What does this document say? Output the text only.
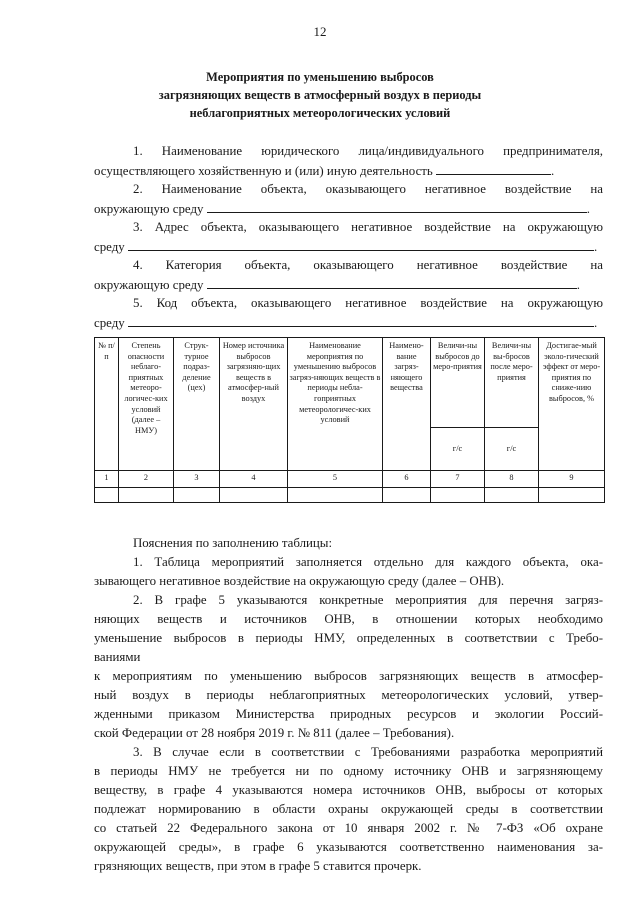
12
Мероприятия по уменьшению выбросов
загрязняющих веществ в атмосферный воздух в периоды
неблагоприятных метеорологических условий
1. Наименование юридического лица/индивидуального предпринимателя,
осуществляющего хозяйственную и (или) иную деятельность	.
2. Наименование объекта, оказывающего негативное воздействие на
окружающую среду	.
3. Адрес объекта, оказывающего негативное воздействие на окружающую
среду	.
4. Категория объекта, оказывающего негативное воздействие на
окружающую среду	.
5. Код объекта, оказывающего негативное воздействие на окружающую
среду	.
№ п/п	Степень опасности неблаго-приятных метеоро-логичес-ких условий (далее – НМУ)	Струк-турное подраз-деление (цех)	Номер источника выбросов загрязняю-щих веществ в атмосфер-ный воздух	Наименование мероприятия по уменьшению выбросов загряз-няющих веществ в периоды небла-гоприятных метеорологичес-ких условий	Наимено-вание загряз-няющего вещества	Величи-ны выбросов до меро-приятия	Величи-ны вы-бросов после меро-приятия	Достигае-мый эколо-гический эффект от меро-приятия по сниже-нию выбросов, %
						г/с	г/с	
1	2	3	4	5	6	7	8	9

Пояснения по заполнению таблицы:
1. Таблица мероприятий заполняется отдельно для каждого объекта, ока-
зывающего негативное воздействие на окружающую среду (далее – ОНВ).
2. В графе 5 указываются конкретные мероприятия для перечня загряз-
няющих веществ и источников ОНВ, в отношении которых необходимо
уменьшение выбросов в периоды НМУ, определенных в соответствии с Требо-
ваниями
к мероприятиям по уменьшению выбросов загрязняющих веществ в атмосфер-
ный воздух в периоды неблагоприятных метеорологических условий, утвер-
жденными приказом Министерства природных ресурсов и экологии Россий-
ской Федерации от 28 ноября 2019 г. № 811 (далее – Требования).
3. В случае если в соответствии с Требованиями разработка мероприятий
в периоды НМУ не требуется ни по одному источнику ОНВ и загрязняющему
веществу, в графе 4 указываются номера источников ОНВ, выбросы от которых
подлежат нормированию в области охраны окружающей среды в соответствии
со статьей 22 Федерального закона от 10 января 2002 г. № 7-ФЗ «Об охране
окружающей среды», в графе 6 указываются соответственно наименования за-
грязняющих веществ, при этом в графе 5 ставится прочерк.
